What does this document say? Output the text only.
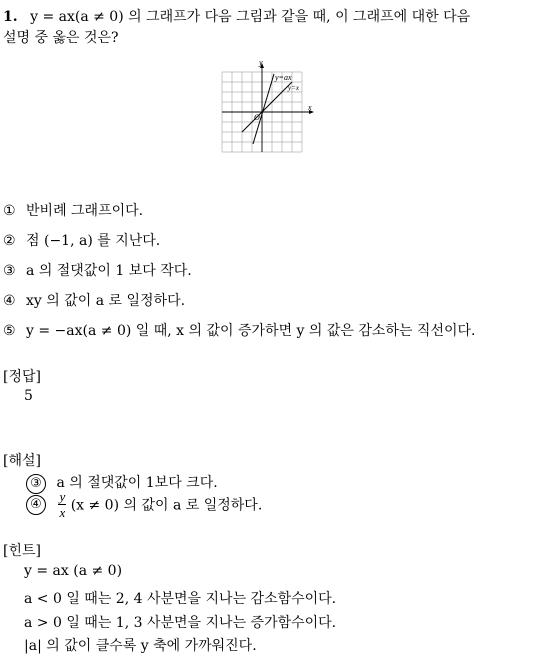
1. y = ax(a ≠ 0) 의 그래프가 다음 그림과 같을 때, 이 그래프에 대한 다음
설명 중 옳은 것은?
y
x
O
y=ax
y=x
① 반비례 그래프이다.
② 점 (−1, a) 를 지난다.
③ a 의 절댓값이 1 보다 작다.
④ xy 의 값이 a 로 일정하다.
⑤ y = −ax(a ≠ 0) 일 때, x 의 값이 증가하면 y 의 값은 감소하는 직선이다.
[정답]
5
[해설]
③ a 의 절댓값이 1보다 크다.
④ $\frac{y}{x} (x \ne 0)$ 의 값이 a 로 일정하다.
[힌트]
y = ax (a ≠ 0)
a < 0 일 때는 2, 4 사분면을 지나는 감소함수이다.
a > 0 일 때는 1, 3 사분면을 지나는 증가함수이다.
|a| 의 값이 클수록 y 축에 가까워진다.
